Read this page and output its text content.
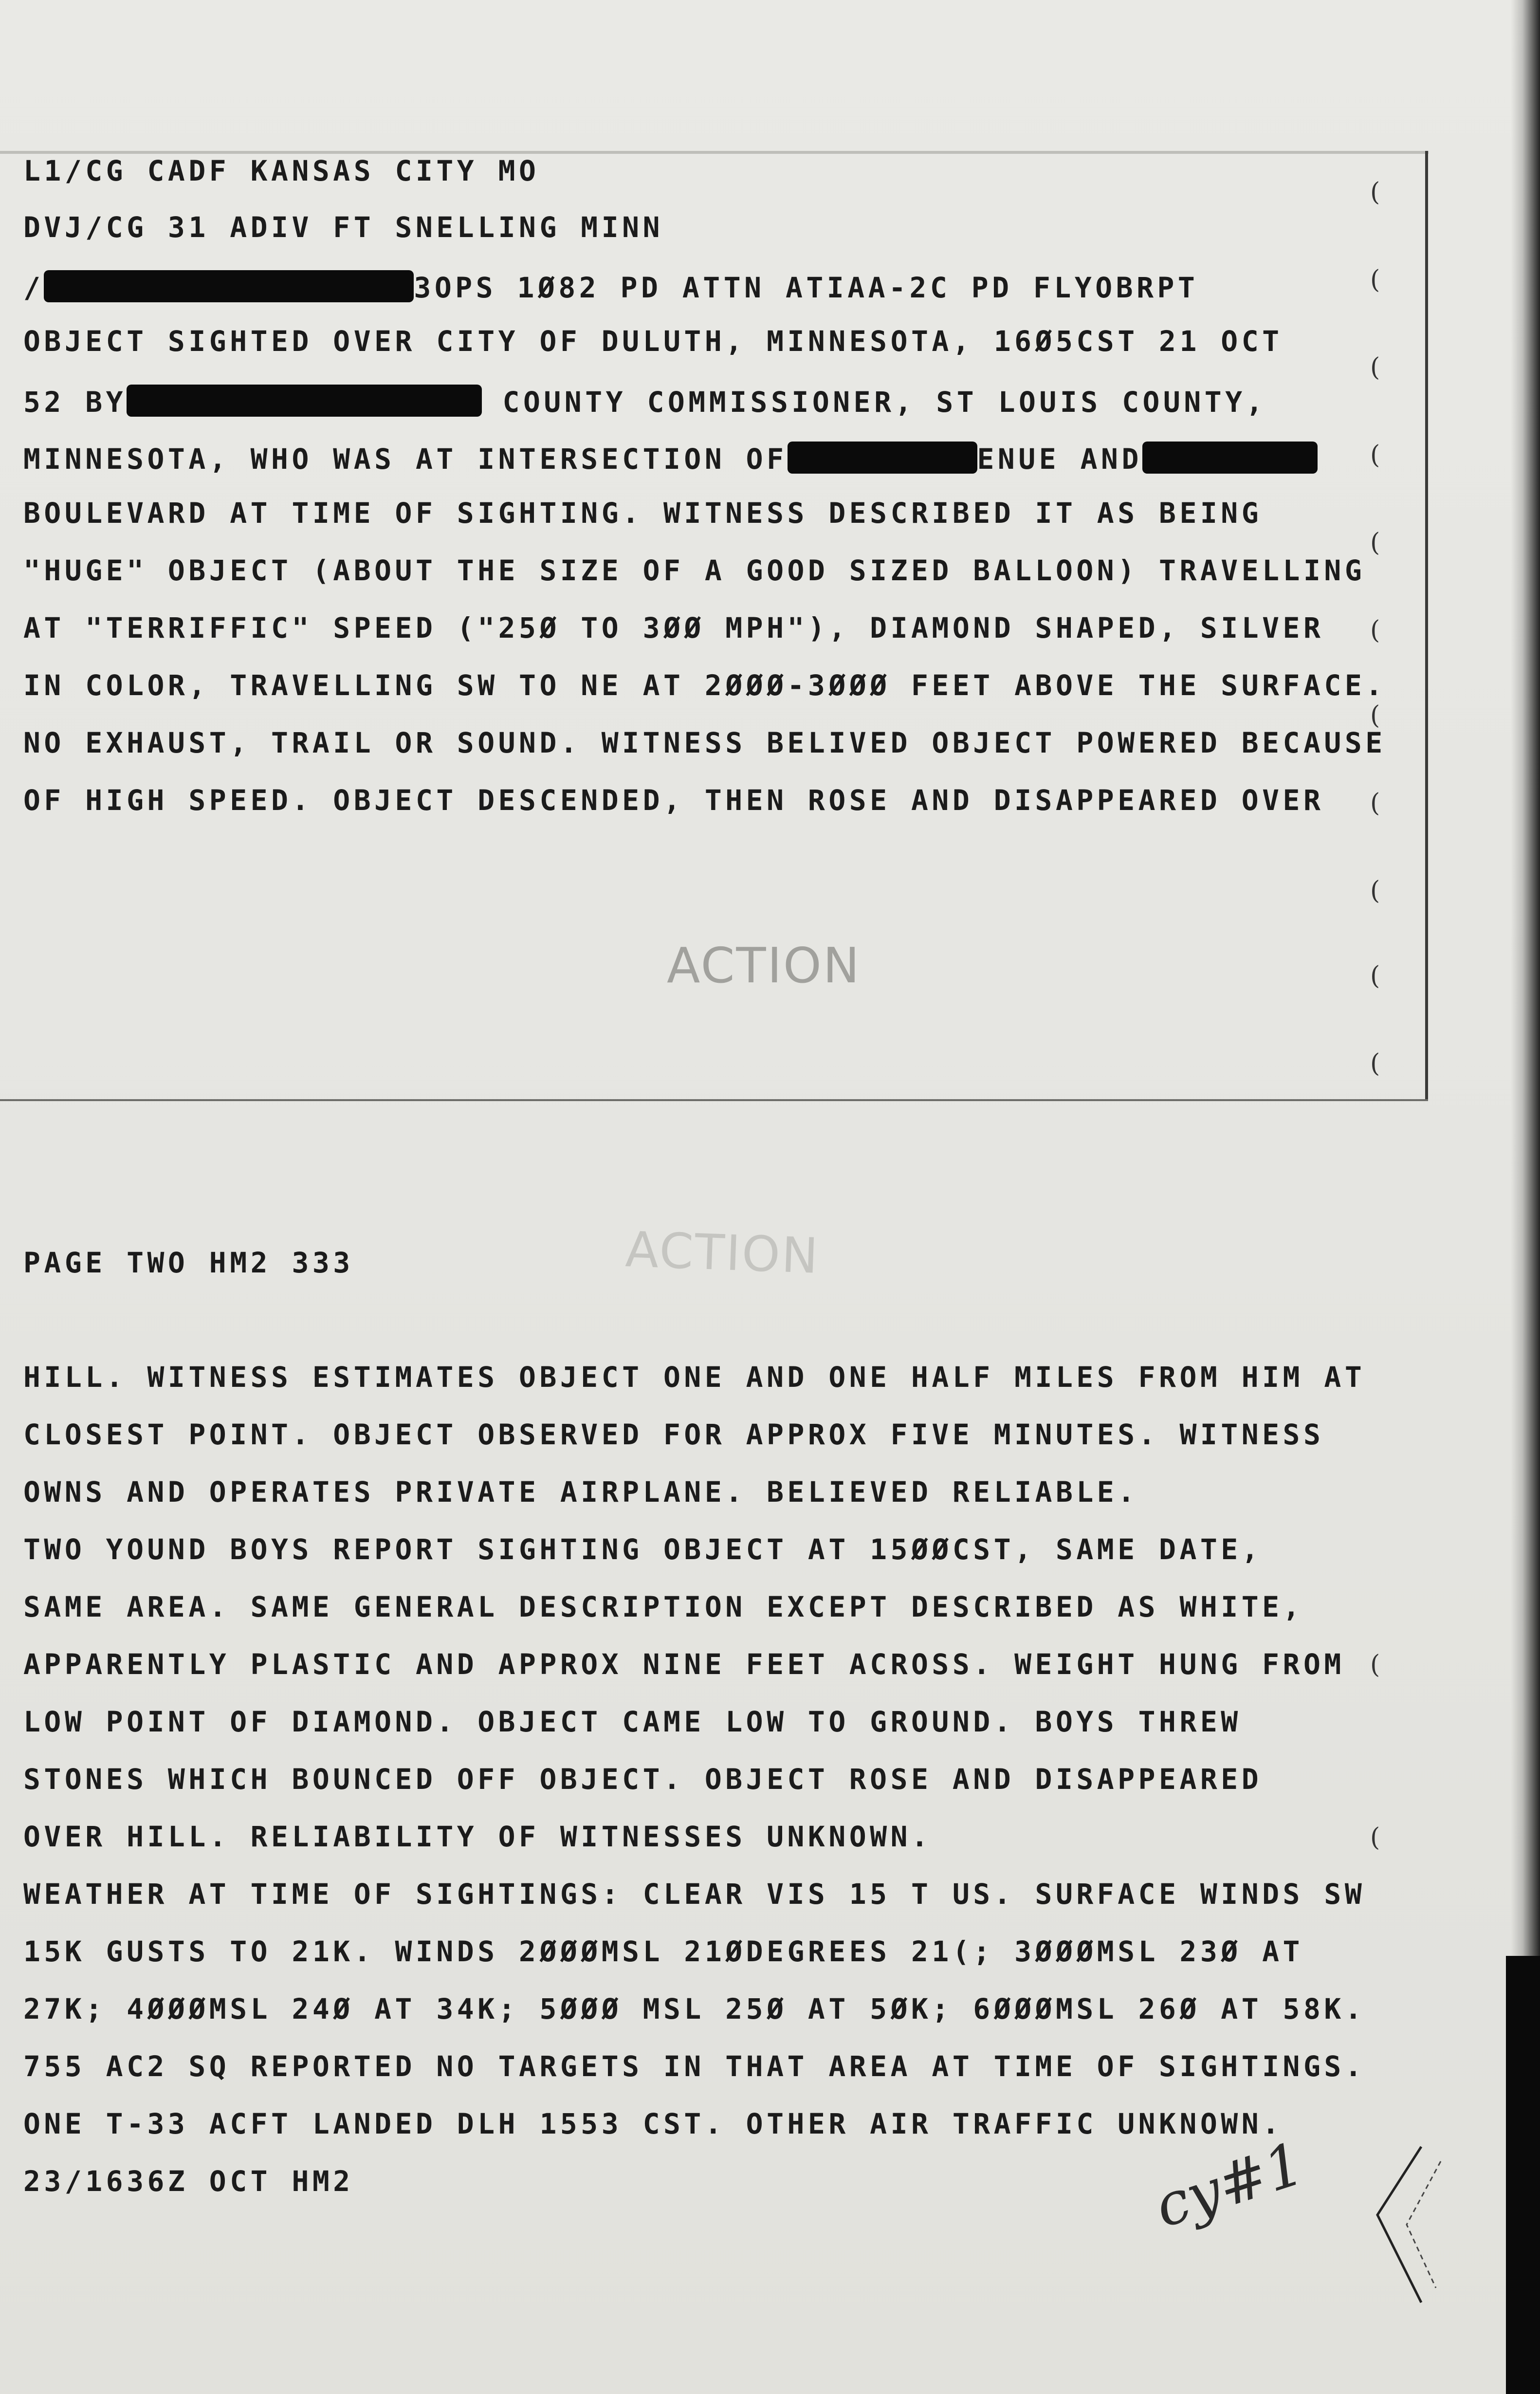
L1/CG CADF KANSAS CITY MO

DVJ/CG 31 ADIV FT SNELLING MINN

/	3OPS 1Ø82 PD ATTN ATIAA-2C PD FLYOBRPT

OBJECT SIGHTED OVER CITY OF DULUTH, MINNESOTA, 16Ø5CST 21 OCT

52 BY	COUNTY COMMISSIONER, ST LOUIS COUNTY,

MINNESOTA, WHO WAS AT INTERSECTION OF	ENUE AND

BOULEVARD AT TIME OF SIGHTING. WITNESS DESCRIBED IT AS BEING

"HUGE" OBJECT (ABOUT THE SIZE OF A GOOD SIZED BALLOON) TRAVELLING

AT "TERRIFFIC" SPEED ("25Ø TO 3ØØ MPH"), DIAMOND SHAPED, SILVER

IN COLOR, TRAVELLING SW TO NE AT 2ØØØ-3ØØØ FEET ABOVE THE SURFACE.

NO EXHAUST, TRAIL OR SOUND. WITNESS BELIVED OBJECT POWERED BECAUSE

OF HIGH SPEED. OBJECT DESCENDED, THEN ROSE AND DISAPPEARED OVER

ACTION
ACTION

PAGE TWO HM2 333

HILL. WITNESS ESTIMATES OBJECT ONE AND ONE HALF MILES FROM HIM AT

CLOSEST POINT. OBJECT OBSERVED FOR APPROX FIVE MINUTES. WITNESS

OWNS AND OPERATES PRIVATE AIRPLANE. BELIEVED RELIABLE.

TWO YOUND BOYS REPORT SIGHTING OBJECT AT 15ØØCST, SAME DATE,

SAME AREA. SAME GENERAL DESCRIPTION EXCEPT DESCRIBED AS WHITE,

APPARENTLY PLASTIC AND APPROX NINE FEET ACROSS. WEIGHT HUNG FROM

LOW POINT OF DIAMOND. OBJECT CAME LOW TO GROUND. BOYS THREW

STONES WHICH BOUNCED OFF OBJECT. OBJECT ROSE AND DISAPPEARED

OVER HILL. RELIABILITY OF WITNESSES UNKNOWN.

WEATHER AT TIME OF SIGHTINGS: CLEAR VIS 15 T US. SURFACE WINDS SW

15K GUSTS TO 21K. WINDS 2ØØØMSL 21ØDEGREES 21(; 3ØØØMSL 23Ø AT

27K; 4ØØØMSL 24Ø AT 34K; 5ØØØ MSL 25Ø AT 5ØK; 6ØØØMSL 26Ø AT 58K.

755 AC2 SQ REPORTED NO TARGETS IN THAT AREA AT TIME OF SIGHTINGS.

ONE T-33 ACFT LANDED DLH 1553 CST. OTHER AIR TRAFFIC UNKNOWN.

23/1636Z OCT HM2

(
(
(
(
(
(
(
(
(
(
(
(
(
cy#1
